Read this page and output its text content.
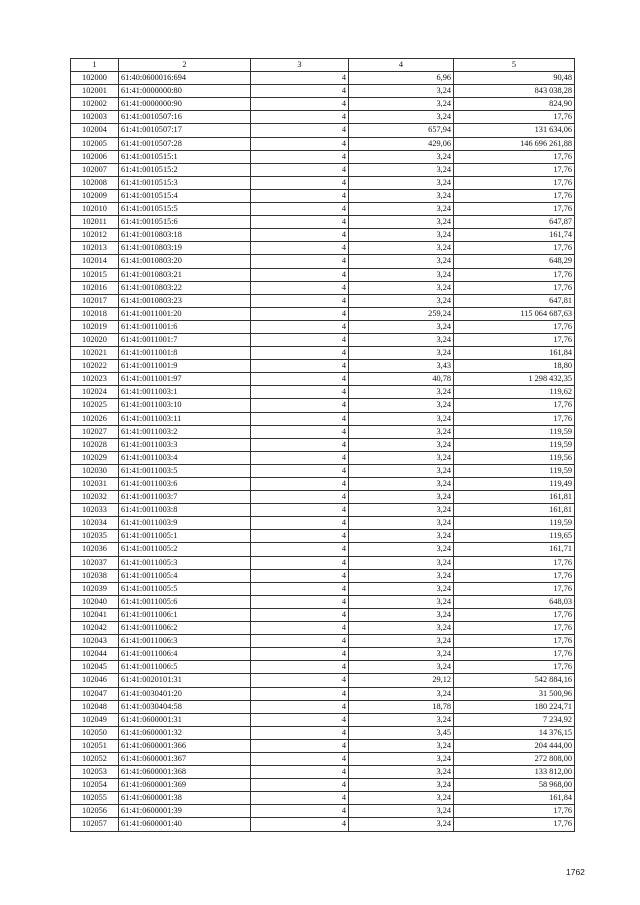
1	2	3	4	5
102000	61:40:0600016:694	4	6,96	90,48
102001	61:41:0000000:80	4	3,24	843 038,28
102002	61:41:0000000:90	4	3,24	824,90
102003	61:41:0010507:16	4	3,24	17,76
102004	61:41:0010507:17	4	657,94	131 634,06
102005	61:41:0010507:28	4	429,06	146 696 261,88
102006	61:41:0010515:1	4	3,24	17,76
102007	61:41:0010515:2	4	3,24	17,76
102008	61:41:0010515:3	4	3,24	17,76
102009	61:41:0010515:4	4	3,24	17,76
102010	61:41:0010515:5	4	3,24	17,76
102011	61:41:0010515:6	4	3,24	647,87
102012	61:41:0010803:18	4	3,24	161,74
102013	61:41:0010803:19	4	3,24	17,76
102014	61:41:0010803:20	4	3,24	648,29
102015	61:41:0010803:21	4	3,24	17,76
102016	61:41:0010803:22	4	3,24	17,76
102017	61:41:0010803:23	4	3,24	647,81
102018	61:41:0011001:20	4	259,24	115 064 687,63
102019	61:41:0011001:6	4	3,24	17,76
102020	61:41:0011001:7	4	3,24	17,76
102021	61:41:0011001:8	4	3,24	161,84
102022	61:41:0011001:9	4	3,43	18,80
102023	61:41:0011001:97	4	40,78	1 298 432,35
102024	61:41:0011003:1	4	3,24	119,62
102025	61:41:0011003:10	4	3,24	17,76
102026	61:41:0011003:11	4	3,24	17,76
102027	61:41:0011003:2	4	3,24	119,59
102028	61:41:0011003:3	4	3,24	119,59
102029	61:41:0011003:4	4	3,24	119,56
102030	61:41:0011003:5	4	3,24	119,59
102031	61:41:0011003:6	4	3,24	119,49
102032	61:41:0011003:7	4	3,24	161,81
102033	61:41:0011003:8	4	3,24	161,81
102034	61:41:0011003:9	4	3,24	119,59
102035	61:41:0011005:1	4	3,24	119,65
102036	61:41:0011005:2	4	3,24	161,71
102037	61:41:0011005:3	4	3,24	17,76
102038	61:41:0011005:4	4	3,24	17,76
102039	61:41:0011005:5	4	3,24	17,76
102040	61:41:0011005:6	4	3,24	648,03
102041	61:41:0011006:1	4	3,24	17,76
102042	61:41:0011006:2	4	3,24	17,76
102043	61:41:0011006:3	4	3,24	17,76
102044	61:41:0011006:4	4	3,24	17,76
102045	61:41:0011006:5	4	3,24	17,76
102046	61:41:0020101:31	4	29,12	542 884,16
102047	61:41:0030401:20	4	3,24	31 500,96
102048	61:41:0030404:58	4	18,78	180 224,71
102049	61:41:0600001:31	4	3,24	7 234,92
102050	61:41:0600001:32	4	3,45	14 376,15
102051	61:41:0600001:366	4	3,24	204 444,00
102052	61:41:0600001:367	4	3,24	272 808,00
102053	61:41:0600001:368	4	3,24	133 812,00
102054	61:41:0600001:369	4	3,24	58 968,00
102055	61:41:0600001:38	4	3,24	161,84
102056	61:41:0600001:39	4	3,24	17,76
102057	61:41:0600001:40	4	3,24	17,76
1762
